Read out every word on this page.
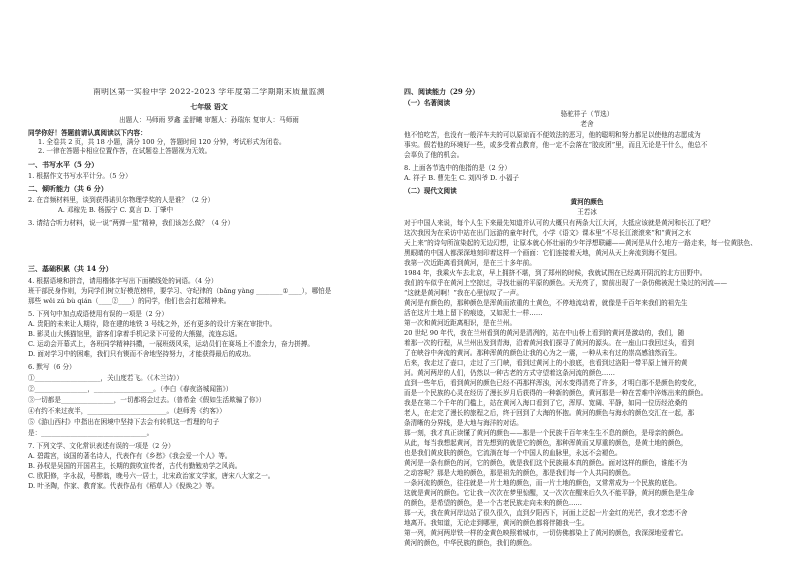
南明区第一实验中学 2022-2023 学年度第二学期期末质量监测
七年级 语文
出题人：马师雨 罗鑫 孟舒曦 审题人：孙瑞东 复审人：马师雨
同学你好！答题前请认真阅读以下内容：
1. 全卷共 2 页，共 18 小题，满分 100 分，答题时间 120 分钟，考试形式为闭卷。
2. 一律在答题卡相应位置作答，在试题卷上答题视为无效。
一、书写水平（5 分）
1. 根据作文书写水平计分。（5 分）
二、倾听能力（共 6 分）
2. 在音频材料里，谈到获得诺贝尔物理学奖的人是谁？（2 分）
A. 邓稼先 B. 杨振宁 C. 莫言 D. 丁肇中
3. 请结合听力材料，说一说“两弹一星”精神，我们该怎么做？（4 分）
三、基础积累（共 14 分）
4. 根据语境和拼音，请用楷体字写出下面横线处的词语。（4 分）
班干部民身作则，为同学们树立好模范榜样，要学习、守纪律的（bǎng yàng ________①____），哪怕是
那些 wěi zú bù qián（____②____）的同学，他们也会打起精神来。
5. 下列句中加点成语使用有误的一项是（2 分）
A. 贵阳的未来让人期待，除在建的地铁 3 号线之外，还有更多的设计方案在审批中。
B. 影灵山大熊猫馆里，游客们拿着手机记录下可爱的大熊猫，流连忘返。
C. 运动会开幕式上，各班同学精神抖擞，一展班级风采，运动员们在赛场上不遗余力，奋力拼搏。
D. 面对学习中的困难，我们只有锲而不舍地坚持努力，才能获得最后的成功。
6. 默写（6 分）
①____________________，关山度若飞。（《木兰诗》）
②________________，__________________。（李白《春夜洛城闻笛》）
③一切都是________________，一切都将会过去。（普希金《假如生活欺骗了你》）
④有约不来过夜半，________________________。（赵师秀《约客》）
⑤《游山西村》中指出在困境中坚持下去会有转机这一哲理的句子
是：________________________________。
7. 下列文学、文化常识表述有误的一项是（2 分）
A. 碧霞宫，该国的著名诗人，代表作有《乡愁》《我会爱一个人》等。
B. 孙权是吴国的开国君主，长期的鼓吹宣传者，古代有勤勉劝学之风尚。
C. 欧阳修，字永叔，号醉翁，晚号六一居士，北宋政治家文学家，唐宋八大家之一。
D. 叶圣陶，作家、教育家。代表作品有《稻草人》《倪焕之》等。
四、阅读能力（29 分）
（一）名著阅读
骆驼祥子（节选）
老舍
他不怕吃苦，也没有一般洋车夫的可以原谅而不便效法的恶习，他的聪明和努力都足以使他的志愿成为
事实。假若他的环境好一些，或多受着点教育，他一定不会落在“胶皮团”里，而且无论是干什么，他总不
会辜负了他的机会。
8. 上面各节选中的他指的是（2 分）
A. 祥子 B. 曹先生 C. 刘四爷 D. 小福子
（二）现代文阅读
黄河的颜色
王若冰
对于中国人来说，每个人生下来最先知道并认可的大概只有两条大江大河，大抵应该就是黄河和长江了吧？
这次我因为在采访中站在出门远游的童年时代，小学《语文》课本里“不尽长江滚滚来”和“黄河之水
天上来”的诗句所渲染起的无边幻想，让原本就心怀壮丽的少年浮想联翩——黄河是从什么地方一路走来，每一位黄肤色、
黑眼睛的中国人都深深地刻印着这样一个画面：它们连接着天地，黄河从天上奔流到海不复回。
我第一次近距离看到黄河，是在三十多年前。
1984 年，我乘火车去北京，早上拥挤不堪，到了郑州的时候，我就试图在已经离开阴沉的北方田野中。
我们的车似乎在黄河上空掠过，寻找壮丽的平原的颜色。天光亮了，窗前出现了一条仿佛被泥土染过的河流——
“这就是黄河啊！”我在心里惊叹了一声。
黄河是有颜色的，那种颜色是浑黄而浓重的土黄色，不停地流动着，就像是千百年来我们的祖先生
活在这片土地上留下的痕迹，又如泥土一样……
第一次和黄河近距离相识，是在兰州。
20 世纪 90 年代，我在兰州看到的黄河是清冽的，站在中山桥上看到的黄河是激动的，我们，随
着那一次的行程，从兰州出发到青海，沿着黄河我们探寻了黄河的源头。在一座山口我回过头，看到
了在峡谷中奔流的黄河。那种浑黄的颜色让我的心为之一震，一种从未有过的崇高感油然而生。
后来，我走过了壶口，走过了三门峡，看到过黄河上的小浪底，也看到过洛阳一带平原上铺开的黄
河。黄河两岸的人们，仍然以一种古老的方式守望着这条河流的颜色……
直到一些年后，看到黄河的颜色已经不再那样浑浊，河水变得清亮了许多，才明白那不是颜色的变化，
而是一个民族的心灵在经历了漫长岁月后获得的一种新的颜色，黄河那是一种在苦难中淬炼出来的颜色。
我是在第二个千年的门槛上，站在黄河入海口看到了它，浑厚、宽阔、平静，如同一位历经沧桑的
老人，在走完了漫长的旅程之后，终于回到了大海的怀抱。黄河的颜色与海水的颜色交汇在一起，那
条清晰的分界线，是大地与海洋的对话。
那一刻，我才真正读懂了黄河的颜色——那是一个民族千百年来生生不息的颜色，是母亲的颜色。
从此，每当我想起黄河，首先想到的就是它的颜色，那种浑黄而又厚重的颜色，是黄土地的颜色，
也是我们黄皮肤的颜色，它流淌在每一个中国人的血脉里，永远不会褪色。
黄河是一条有颜色的河，它的颜色，就是我们这个民族最本真的颜色。面对这样的颜色，谁能不为
之动容呢？那是大地的颜色，那是祖先的颜色，那是我们每一个人共同的颜色。
一条河流的颜色，往往就是一片土地的颜色，而一片土地的颜色，又常常成为一个民族的底色。
这就是黄河的颜色。它让我一次次在梦里惊醒，又一次次在醒来后久久不能平静，黄河的颜色是生命
的颜色，是希望的颜色，是一个古老民族走向未来的颜色……
那一天，我在黄河岸边站了很久很久，直到夕阳西下，河面上泛起一片金红的光芒，我才恋恋不舍
地离开。我知道，无论走到哪里，黄河的颜色都将伴随我一生。
第一列，黄河两岸铁一样的金黄色映照着城市，一切仿佛都染上了黄河的颜色，我深深地爱着它。
黄河的颜色，中华民族的颜色，我们的颜色。
